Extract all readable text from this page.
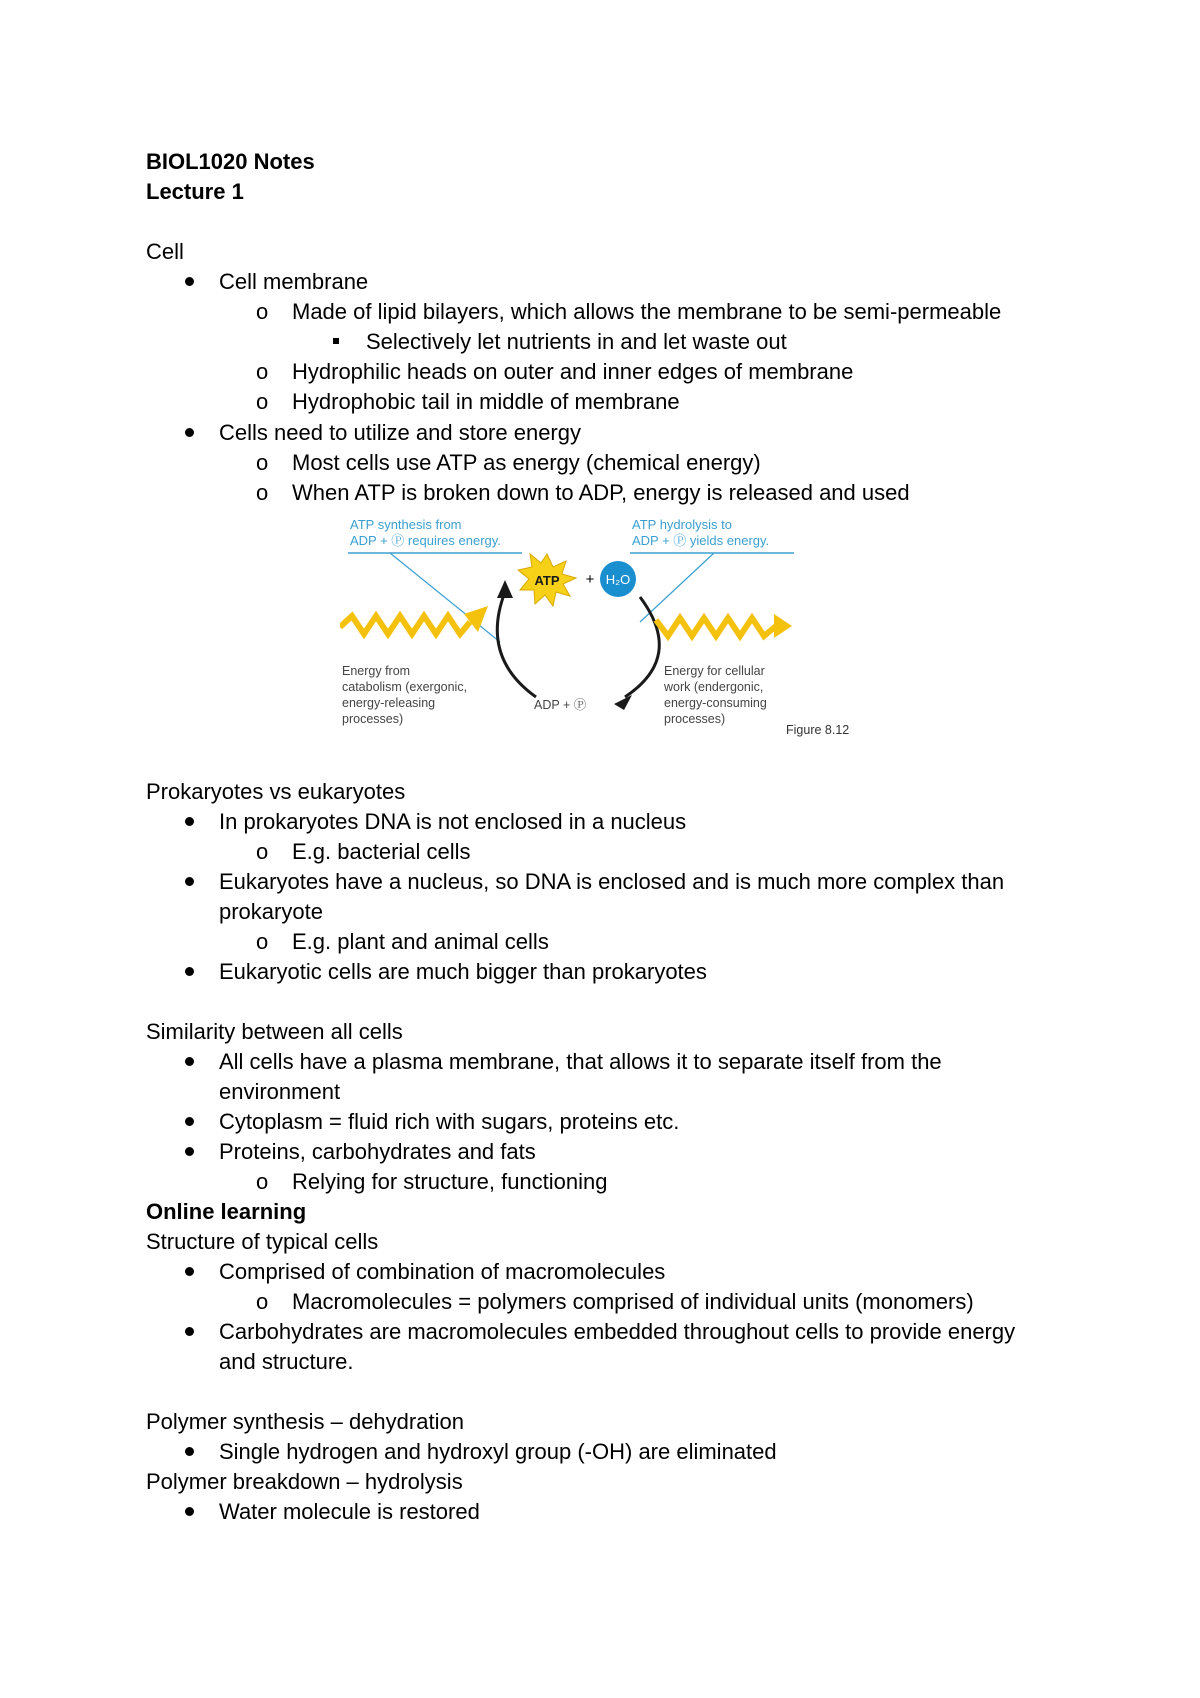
BIOL1020 Notes
Lecture 1
Cell
Cell membrane
o Made of lipid bilayers, which allows the membrane to be semi-permeable
Selectively let nutrients in and let waste out
o Hydrophilic heads on outer and inner edges of membrane
o Hydrophobic tail in middle of membrane
Cells need to utilize and store energy
o Most cells use ATP as energy (chemical energy)
o When ATP is broken down to ADP, energy is released and used
ATP synthesis from
ADP + Ⓟ requires energy.
ATP hydrolysis to
ADP + Ⓟ yields energy.
ATP + H₂O
Energy from
catabolism (exergonic,
energy-releasing
processes)
ADP + Ⓟ
Energy for cellular
work (endergonic,
energy-consuming
processes)
Figure 8.12
Prokaryotes vs eukaryotes
In prokaryotes DNA is not enclosed in a nucleus
o E.g. bacterial cells
Eukaryotes have a nucleus, so DNA is enclosed and is much more complex than
prokaryote
o E.g. plant and animal cells
Eukaryotic cells are much bigger than prokaryotes
Similarity between all cells
All cells have a plasma membrane, that allows it to separate itself from the
environment
Cytoplasm = fluid rich with sugars, proteins etc.
Proteins, carbohydrates and fats
o Relying for structure, functioning
Online learning
Structure of typical cells
Comprised of combination of macromolecules
o Macromolecules = polymers comprised of individual units (monomers)
Carbohydrates are macromolecules embedded throughout cells to provide energy
and structure.
Polymer synthesis – dehydration
Single hydrogen and hydroxyl group (-OH) are eliminated
Polymer breakdown – hydrolysis
Water molecule is restored
